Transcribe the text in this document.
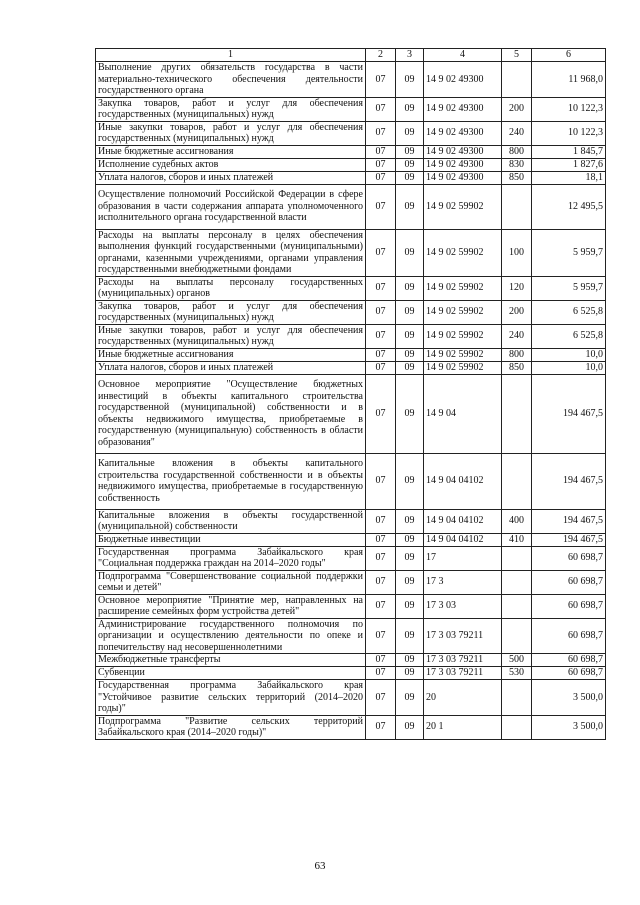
1	2	3	4	5	6
Выполнение других обязательств государства в части материально-технического обеспечения деятельности государственного органа	07	09	14 9 02 49300		11 968,0
Закупка товаров, работ и услуг для обеспечения государственных (муниципальных) нужд	07	09	14 9 02 49300	200	10 122,3
Иные закупки товаров, работ и услуг для обеспечения государственных (муниципальных) нужд	07	09	14 9 02 49300	240	10 122,3
Иные бюджетные ассигнования	07	09	14 9 02 49300	800	1 845,7
Исполнение судебных актов	07	09	14 9 02 49300	830	1 827,6
Уплата налогов, сборов и иных платежей	07	09	14 9 02 49300	850	18,1
Осуществление полномочий Российской Федерации в сфере образования в части содержания аппарата уполномоченного исполнительного органа государственной власти	07	09	14 9 02 59902		12 495,5
Расходы на выплаты персоналу в целях обеспечения выполнения функций государственными (муниципальными) органами, казенными учреждениями, органами управления государственными внебюджетными фондами	07	09	14 9 02 59902	100	5 959,7
Расходы на выплаты персоналу государственных (муниципальных) органов	07	09	14 9 02 59902	120	5 959,7
Закупка товаров, работ и услуг для обеспечения государственных (муниципальных) нужд	07	09	14 9 02 59902	200	6 525,8
Иные закупки товаров, работ и услуг для обеспечения государственных (муниципальных) нужд	07	09	14 9 02 59902	240	6 525,8
Иные бюджетные ассигнования	07	09	14 9 02 59902	800	10,0
Уплата налогов, сборов и иных платежей	07	09	14 9 02 59902	850	10,0
Основное мероприятие "Осуществление бюджетных инвестиций в объекты капитального строительства государственной (муниципальной) собственности и в объекты недвижимого имущества, приобретаемые в государственную (муниципальную) собственность в области образования"	07	09	14 9 04		194 467,5
Капитальные вложения в объекты капитального строительства государственной собственности и в объекты недвижимого имущества, приобретаемые в государственную собственность	07	09	14 9 04 04102		194 467,5
Капитальные вложения в объекты государственной (муниципальной) собственности	07	09	14 9 04 04102	400	194 467,5
Бюджетные инвестиции	07	09	14 9 04 04102	410	194 467,5
Государственная программа Забайкальского края "Социальная поддержка граждан на 2014–2020 годы"	07	09	17		60 698,7
Подпрограмма "Совершенствование социальной поддержки семьи и детей"	07	09	17 3		60 698,7
Основное мероприятие "Принятие мер, направленных на расширение семейных форм устройства детей"	07	09	17 3 03		60 698,7
Администрирование государственного полномочия по организации и осуществлению деятельности по опеке и попечительству над несовершеннолетними	07	09	17 3 03 79211		60 698,7
Межбюджетные трансферты	07	09	17 3 03 79211	500	60 698,7
Субвенции	07	09	17 3 03 79211	530	60 698,7
Государственная программа Забайкальского края "Устойчивое развитие сельских территорий (2014–2020 годы)"	07	09	20		3 500,0
Подпрограмма "Развитие сельских территорий Забайкальского края (2014–2020 годы)"	07	09	20 1		3 500,0
63
